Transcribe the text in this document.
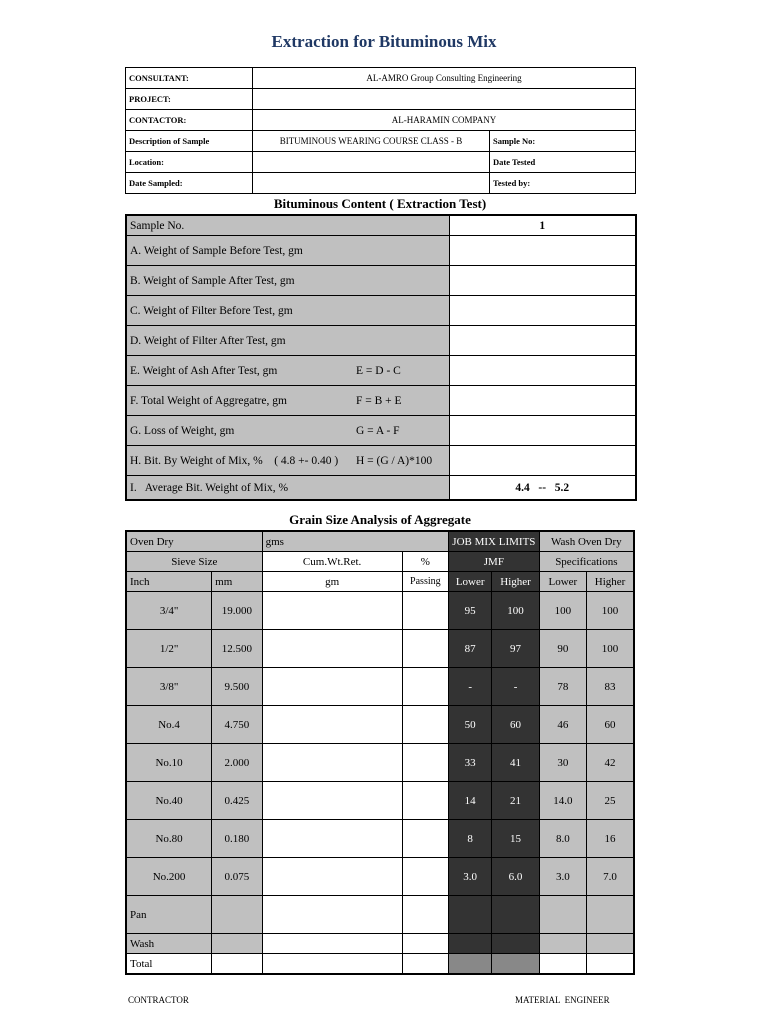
Extraction for Bituminous Mix
CONSULTANT:	AL-AMRO Group Consulting Engineering	
PROJECT:		
CONTACTOR:	AL-HARAMIN COMPANY	
Description of Sample	BITUMINOUS WEARING COURSE CLASS - B	Sample No:
Location:		Date Tested
Date Sampled:		Tested by:
Bituminous Content ( Extraction Test)
Sample No.	1
A. Weight of Sample Before Test, gm	
B. Weight of Sample After Test, gm	
C. Weight of Filter Before Test, gm	
D. Weight of Filter After Test, gm	

E. Weight of Ash After Test, gm E = D - C	

F. Total Weight of Aggregatre, gm F = B + E	

G. Loss of Weight, gm G = A - F	

H. Bit. By Weight of Mix, %    ( 4.8 +- 0.40 ) H = (G / A)*100	

I.   Average Bit. Weight of Mix, %	4.4   --   5.2
Grain Size Analysis of Aggregate
Oven Dry		gms		JOB MIX LIMITS		Wash Oven Dry	
Sieve Size		Cum.Wt.Ret.	%	JMF		Specifications	
Inch	mm	gm	Passing	Lower	Higher	Lower	Higher
3/4"	19.000			95	100	100	100
1/2"	12.500			87	97	90	100
3/8"	9.500			-	-	78	83
No.4	4.750			50	60	46	60
No.10	2.000			33	41	30	42
No.40	0.425			14	21	14.0	25
No.80	0.180			8	15	8.0	16
No.200	0.075			3.0	6.0	3.0	7.0
Pan							
Wash							
Total							
CONTRACTOR	MATERIAL  ENGINEER
